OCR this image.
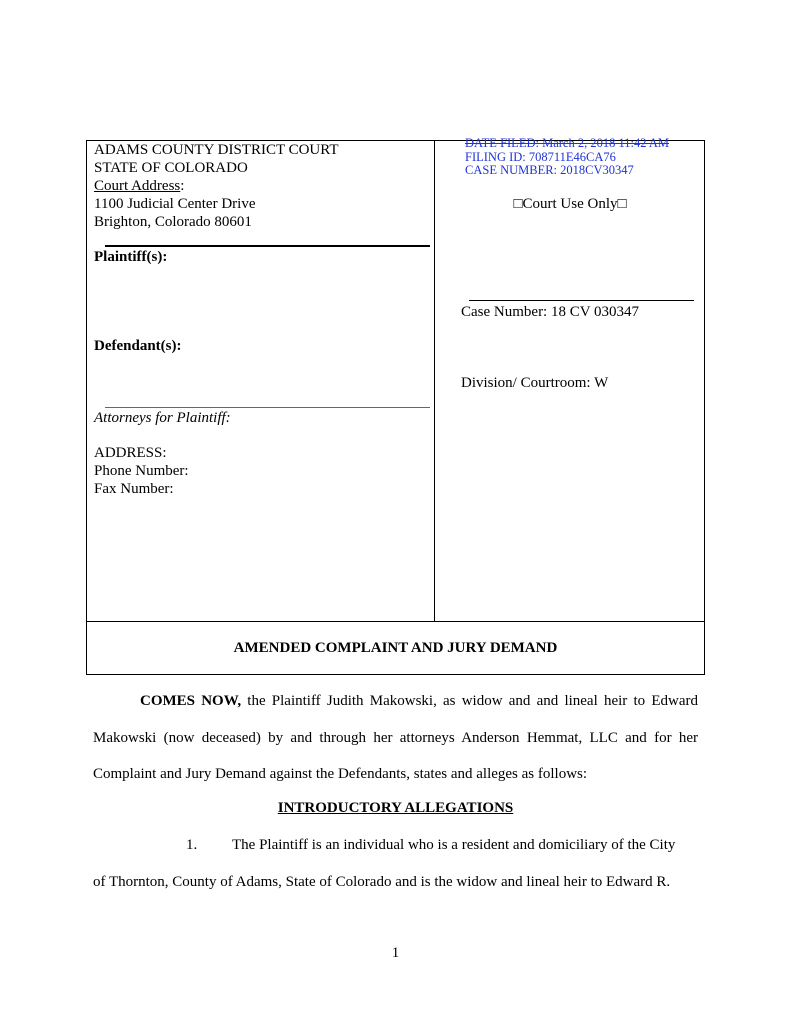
ADAMS COUNTY DISTRICT COURT
STATE OF COLORADO
Court Address:
1100 Judicial Center Drive
Brighton, Colorado 80601
Plaintiff(s):
Defendant(s):
Attorneys for Plaintiff:
ADDRESS:
Phone Number:
Fax Number:
DATE FILED: March 2, 2018 11:42 AM
FILING ID: 708711E46CA76
CASE NUMBER: 2018CV30347
□Court Use Only□
Case Number: 18 CV 030347
Division/ Courtroom: W
AMENDED COMPLAINT AND JURY DEMAND
COMES NOW, the Plaintiff Judith Makowski, as widow and and lineal heir to Edward
Makowski (now deceased) by and through her attorneys Anderson Hemmat, LLC and for her
Complaint and Jury Demand against the Defendants, states and alleges as follows:
INTRODUCTORY ALLEGATIONS
1. The Plaintiff is an individual who is a resident and domiciliary of the City
of Thornton, County of Adams, State of Colorado and is the widow and lineal heir to Edward R.
1
